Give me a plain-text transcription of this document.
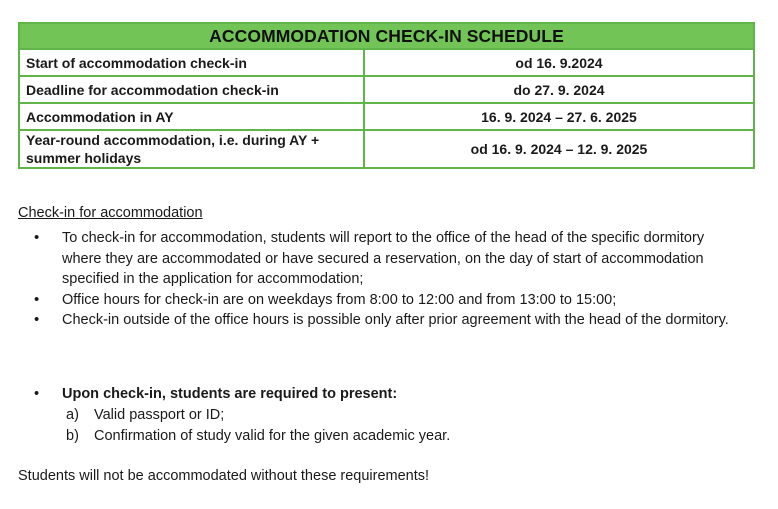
ACCOMMODATION CHECK-IN SCHEDULE	
Start of accommodation check-in	od 16. 9.2024
Deadline for accommodation check-in	do 27. 9. 2024
Accommodation in AY	16. 9. 2024 – 27. 6. 2025
Year-round accommodation, i.e. during AY + summer holidays	od 16. 9. 2024 – 12. 9. 2025
Check-in for accommodation
• To check-in for accommodation, students will report to the office of the head of the specific dormitory where they are accommodated or have secured a reservation, on the day of start of accommodation specified in the application for accommodation;
• Office hours for check-in are on weekdays from 8:00 to 12:00 and from 13:00 to 15:00;
• Check-in outside of the office hours is possible only after prior agreement with the head of the dormitory.
• Upon check-in, students are required to present:
a) Valid passport or ID;
b) Confirmation of study valid for the given academic year.
Students will not be accommodated without these requirements!
